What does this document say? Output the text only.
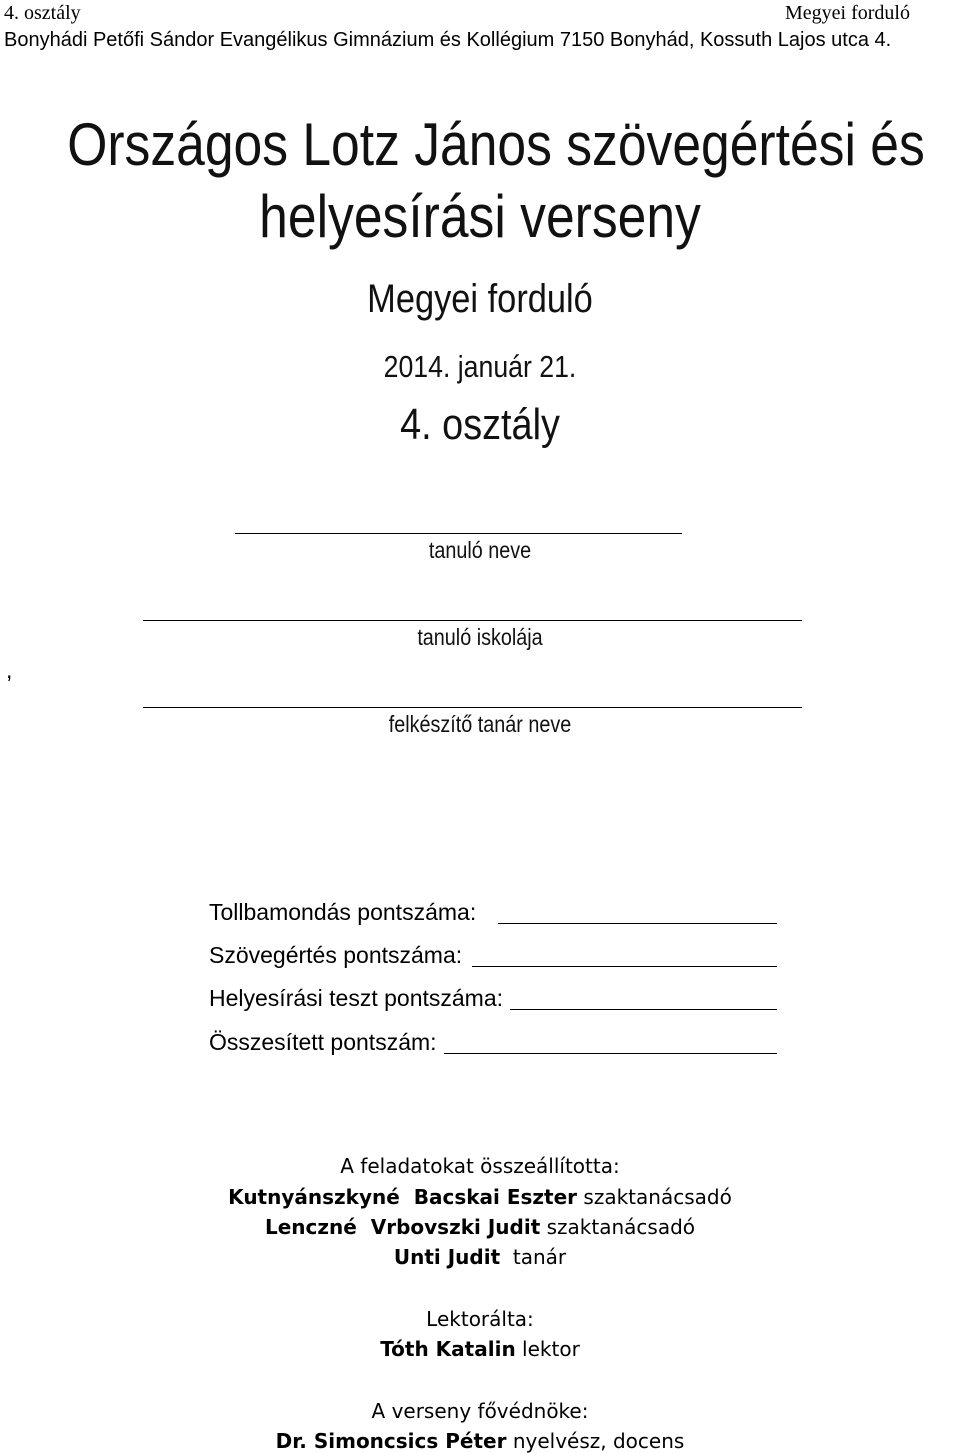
4. osztály	Megyei forduló
Bonyhádi Petőfi Sándor Evangélikus Gimnázium és Kollégium 7150 Bonyhád, Kossuth Lajos utca 4.
Országos Lotz János szövegértési és
helyesírási verseny
Megyei forduló
2014. január 21.
4. osztály
tanuló neve
tanuló iskolája
,
felkészítő tanár neve
Tollbamondás pontszáma:
Szövegértés pontszáma:
Helyesírási teszt pontszáma:
Összesített pontszám:
A feladatokat összeállította:
Kutnyánszkyné  Bacskai Eszter szaktanácsadó
Lenczné  Vrbovszki Judit szaktanácsadó
Unti Judit  tanár
Lektorálta:
Tóth Katalin lektor
A verseny fővédnöke:
Dr. Simoncsics Péter nyelvész, docens
